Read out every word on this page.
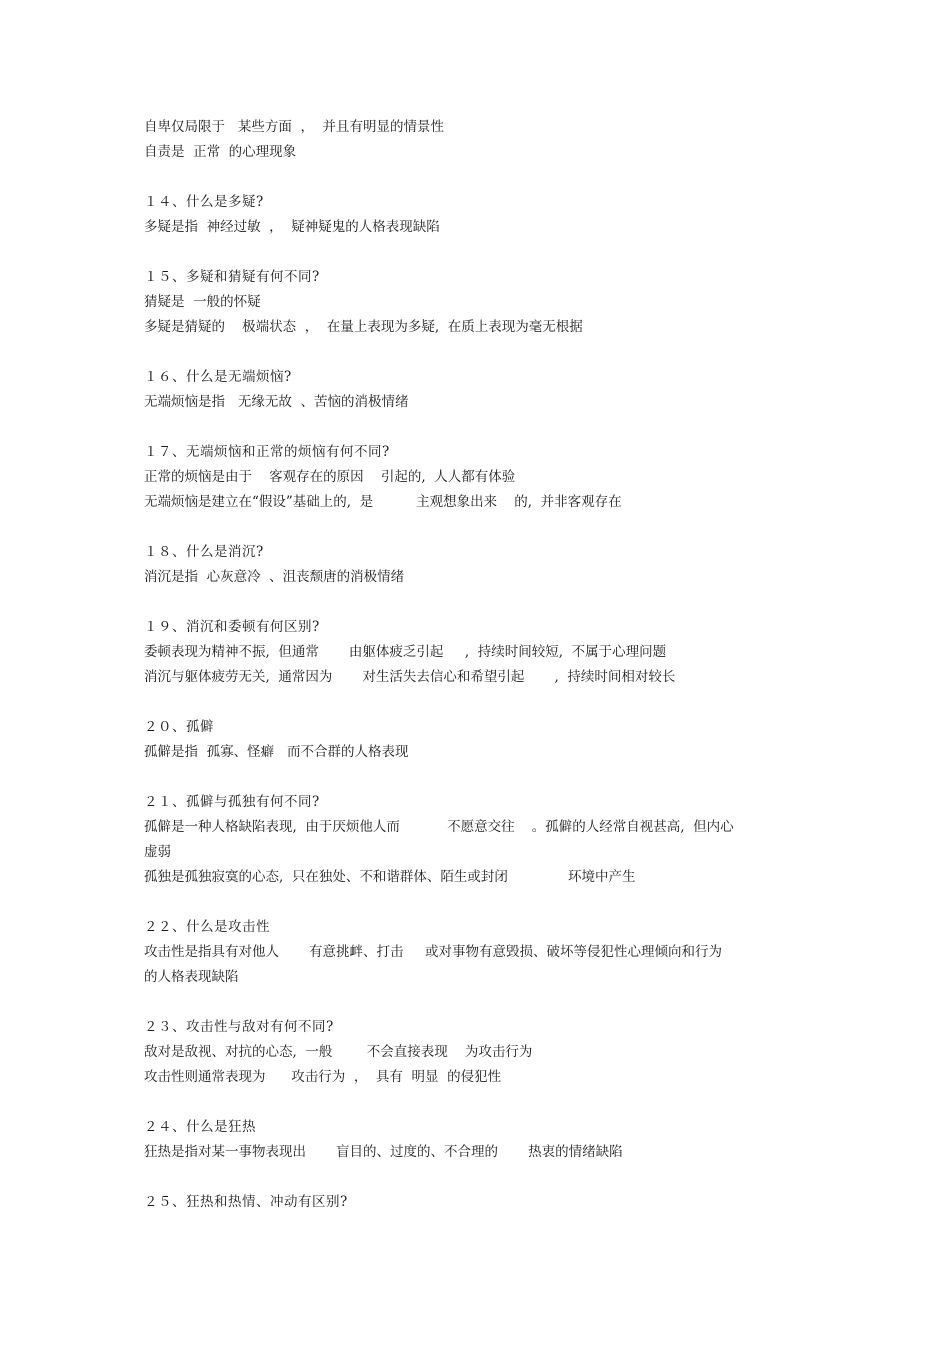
自卑仅局限于   某些方面  ，  并且有明显的情景性
自责是  正常  的心理现象
１４、什么是多疑?
多疑是指  神经过敏  ，  疑神疑鬼的人格表现缺陷
１５、多疑和猜疑有何不同?
猜疑是  一般的怀疑
多疑是猜疑的    极端状态  ，  在量上表现为多疑,  在质上表现为毫无根据
１６、什么是无端烦恼?
无端烦恼是指   无缘无故  、苦恼的消极情绪
１７、无端烦恼和正常的烦恼有何不同?
正常的烦恼是由于    客观存在的原因    引起的,  人人都有体验
无端烦恼是建立在“假设”基础上的,  是          主观想象出来    的,  并非客观存在
１８、什么是消沉?
消沉是指  心灰意冷  、沮丧颓唐的消极情绪
１９、消沉和委顿有何区别?
委顿表现为精神不振,  但通常       由躯体疲乏引起     ,  持续时间较短,  不属于心理问题
消沉与躯体疲劳无关,  通常因为       对生活失去信心和希望引起       ,  持续时间相对较长
２０、孤僻
孤僻是指  孤寡、怪癖   而不合群的人格表现
２１、孤僻与孤独有何不同?
孤僻是一种人格缺陷表现,  由于厌烦他人而           不愿意交往    。孤僻的人经常自视甚高,  但内心
虚弱
孤独是孤独寂寞的心态,  只在独处、不和谐群体、陌生或封闭              环境中产生
２２、什么是攻击性
攻击性是指具有对他人       有意挑衅、打击     或对事物有意毁损、破坏等侵犯性心理倾向和行为
的人格表现缺陷
２３、攻击性与敌对有何不同?
敌对是敌视、对抗的心态,  一般        不会直接表现    为攻击行为
攻击性则通常表现为      攻击行为  ，  具有  明显  的侵犯性
２４、什么是狂热
狂热是指对某一事物表现出       盲目的、过度的、不合理的       热衷的情绪缺陷
２５、狂热和热情、冲动有区别?
